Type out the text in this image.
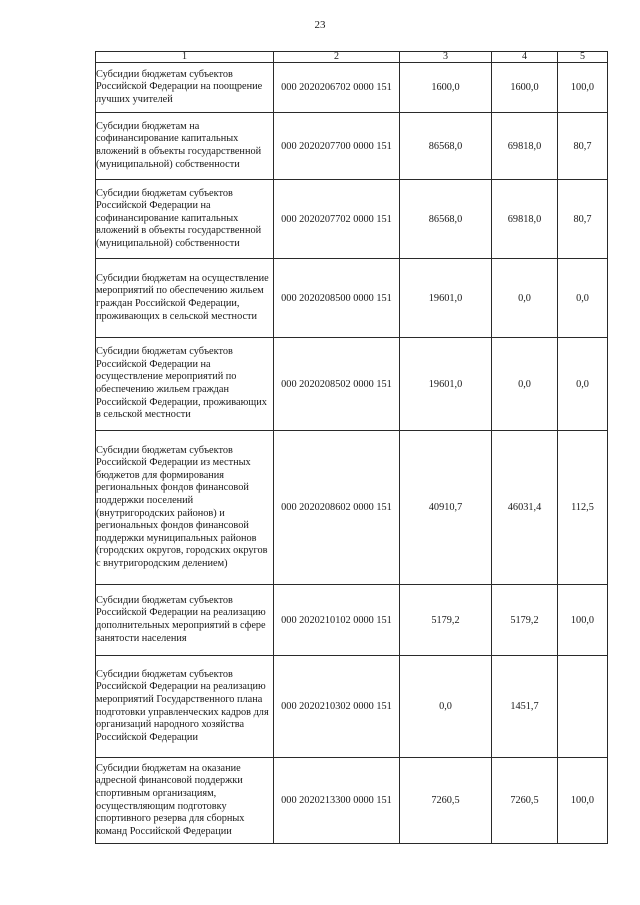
23
1	2	3	4	5
Субсидии бюджетам субъектов Российской Федерации на поощрение лучших учителей	000 2020206702 0000 151	1600,0	1600,0	100,0
Субсидии бюджетам на софинансирование капитальных вложений в объекты государственной (муниципальной) собственности	000 2020207700 0000 151	86568,0	69818,0	80,7
Субсидии бюджетам субъектов Российской Федерации на софинансирование капитальных вложений в объекты государственной (муниципальной) собственности	000 2020207702 0000 151	86568,0	69818,0	80,7
Субсидии бюджетам на осуществление мероприятий по обеспечению жильем граждан Российской Федерации, проживающих в сельской местности	000 2020208500 0000 151	19601,0	0,0	0,0
Субсидии бюджетам субъектов Российской Федерации на осуществление мероприятий по обеспечению жильем граждан Российской Федерации, проживающих в сельской местности	000 2020208502 0000 151	19601,0	0,0	0,0
Субсидии бюджетам субъектов Российской Федерации из местных бюджетов для формирования региональных фондов финансовой поддержки поселений (внутригородских районов) и региональных фондов финансовой поддержки муниципальных районов (городских округов, городских округов с внутригородским делением)	000 2020208602 0000 151	40910,7	46031,4	112,5
Субсидии бюджетам субъектов Российской Федерации на реализацию дополнительных мероприятий в сфере занятости населения	000 2020210102 0000 151	5179,2	5179,2	100,0
Субсидии бюджетам субъектов Российской Федерации на реализацию мероприятий Государственного плана подготовки управленческих кадров для организаций народного хозяйства Российской Федерации	000 2020210302 0000 151	0,0	1451,7	
Субсидии бюджетам на оказание адресной финансовой поддержки спортивным организациям, осуществляющим подготовку спортивного резерва для сборных команд Российской Федерации	000 2020213300 0000 151	7260,5	7260,5	100,0
